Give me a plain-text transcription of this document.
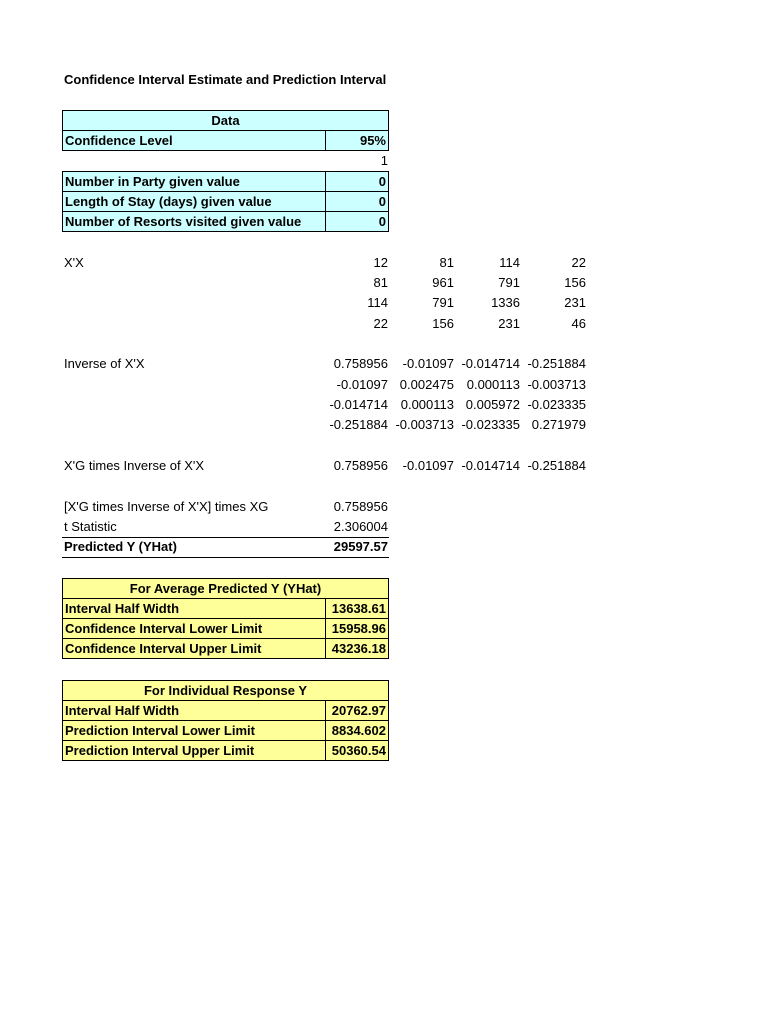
Confidence Interval Estimate and Prediction Interval
Data
Confidence Level	95%
1
Number in Party given value	0
Length of Stay (days) given value	0
Number of Resorts visited given value	0
X'X	12	81	114	22
81	961	791	156
114	791	1336	231
22	156	231	46
Inverse of X'X	0.758956	-0.01097 -0.014714 -0.251884
-0.01097 0.002475 0.000113 -0.003713
-0.014714 0.000113 0.005972 -0.023335
-0.251884 -0.003713 -0.023335 0.271979
X'G times Inverse of X'X	0.758956	-0.01097 -0.014714 -0.251884
[X'G times Inverse of X'X] times XG	0.758956
t Statistic	2.306004
Predicted Y (YHat)	29597.57
For Average Predicted Y (YHat)	
Interval Half Width	13638.61
Confidence Interval Lower Limit	15958.96
Confidence Interval Upper Limit	43236.18
For Individual Response Y	
Interval Half Width	20762.97
Prediction Interval Lower Limit	8834.602
Prediction Interval Upper Limit	50360.54
